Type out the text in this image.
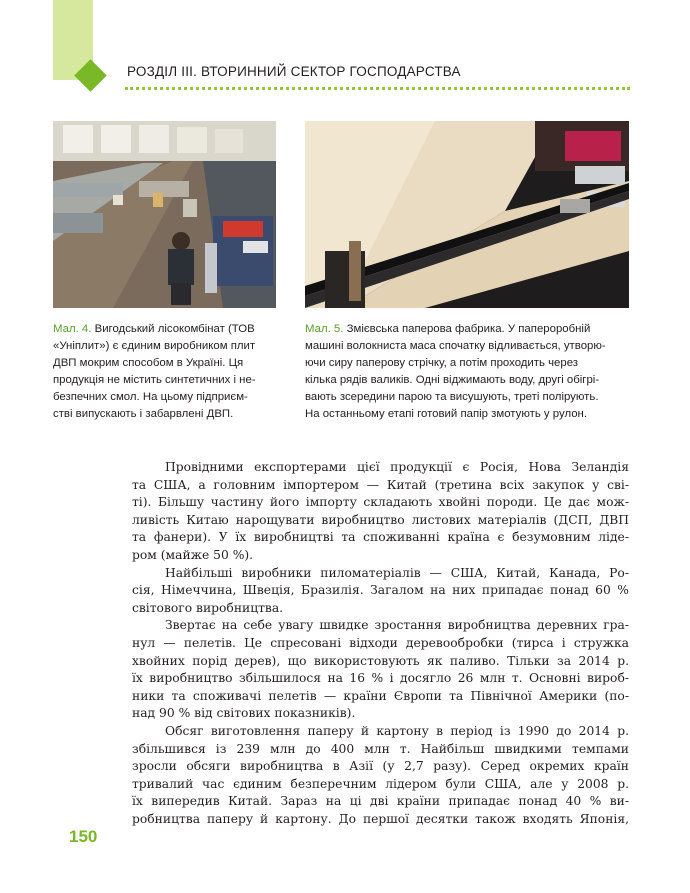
РОЗДІЛ ІІІ. ВТОРИННИЙ СЕКТОР ГОСПОДАРСТВА
Мал. 4. Вигодський лісокомбінат (ТОВ
«Уніплит») є єдиним виробником плит
ДВП мокрим способом в Україні. Ця
продукція не містить синтетичних і не-
безпечних смол. На цьому підприєм-
стві випускають і забарвлені ДВП.
Мал. 5. Змієвська паперова фабрика. У папероробній
машині волокниста маса спочатку відливається, утворю-
ючи сиру паперову стрічку, а потім проходить через
кілька рядів валиків. Одні віджимають воду, другі обігрі-
вають зсередини парою та висушують, треті полірують.
На останньому етапі готовий папір змотують у рулон.

Провідними експортерами цієї продукції є Росія, Нова Зеландія
та США, а головним імпортером — Китай (третина всіх закупок у сві-
ті). Більшу частину його імпорту складають хвойні породи. Це дає мож-
ливість Китаю нарощувати виробництво листових матеріалів (ДСП, ДВП
та фанери). У їх виробництві та споживанні країна є безумовним ліде-
ром (майже 50 %).

Найбільші виробники пиломатеріалів — США, Китай, Канада, Ро-
сія, Німеччина, Швеція, Бразилія. Загалом на них припадає понад 60 %
світового виробництва.

Звертає на себе увагу швидке зростання виробництва деревних гра-
нул — пелетів. Це спресовані відходи деревообробки (тирса і стружка
хвойних порід дерев), що використовують як паливо. Тільки за 2014 р.
їх виробництво збільшилося на 16 % і досягло 26 млн т. Основні вироб-
ники та споживачі пелетів — країни Європи та Північної Америки (по-
над 90 % від світових показників).

Обсяг виготовлення паперу й картону в період із 1990 до 2014 р.
збільшився із 239 млн до 400 млн т. Найбільш швидкими темпами
зросли обсяги виробництва в Азії (у 2,7 разу). Серед окремих країн
тривалий час єдиним безперечним лідером були США, але у 2008 р.
їх випередив Китай. Зараз на ці дві країни припадає понад 40 % ви-
робництва паперу й картону. До першої десятки також входять Японія,

150
